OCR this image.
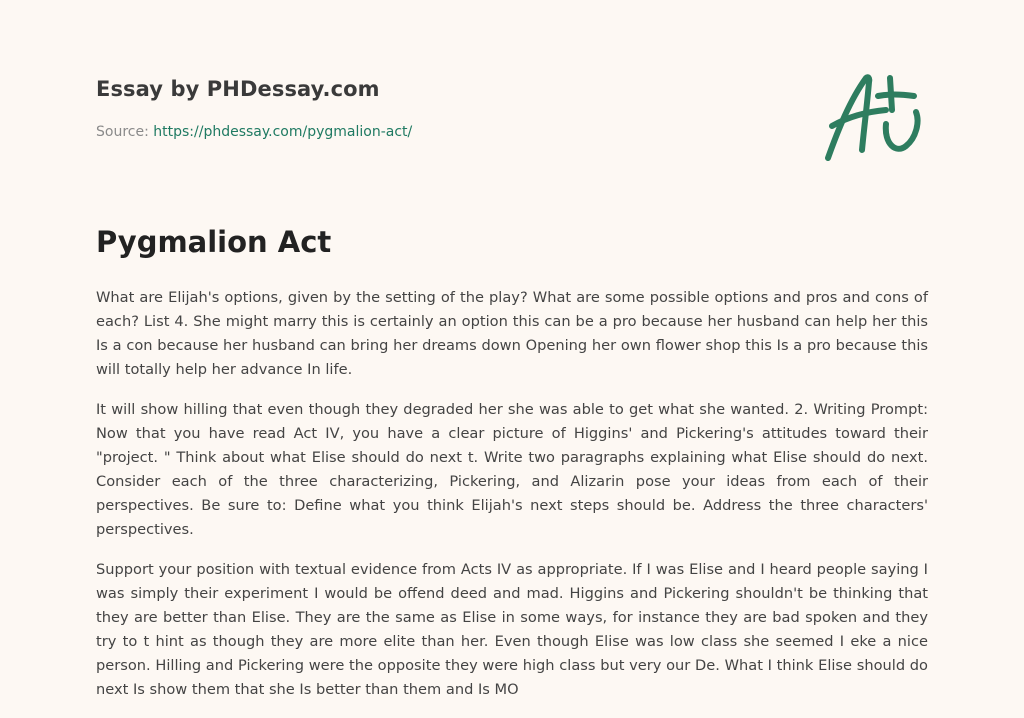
Essay by PHDessay.com
Source: https://phdessay.com/pygmalion-act/
Pygmalion Act

What are Elijah's options, given by the setting of the play? What are some possible options and pros and cons of each? List 4. She might marry this is certainly an option this can be a pro because her husband can help her this Is a con because her husband can bring her dreams down Opening her own flower shop this Is a pro because this will totally help her advance In life.

It will show hilling that even though they degraded her she was able to get what she wanted. 2. Writing Prompt: Now that you have read Act IV, you have a clear picture of Higgins' and Pickering's attitudes toward their "project. " Think about what Elise should do next t. Write two paragraphs explaining what Elise should do next. Consider each of the three characterizing, Pickering, and Alizarin pose your ideas from each of their perspectives. Be sure to: Define what you think Elijah's next steps should be. Address the three characters' perspectives.

Support your position with textual evidence from Acts IV as appropriate. If I was Elise and I heard people saying I was simply their experiment I would be offend deed and mad. Higgins and Pickering shouldn't be thinking that they are better than Elise. They are the same as Elise in some ways, for instance they are bad spoken and they try to t hint as though they are more elite than her. Even though Elise was low class she seemed I eke a nice person. Hilling and Pickering were the opposite they were high class but very our De. What I think Elise should do next Is show them that she Is better than them and Is MO
